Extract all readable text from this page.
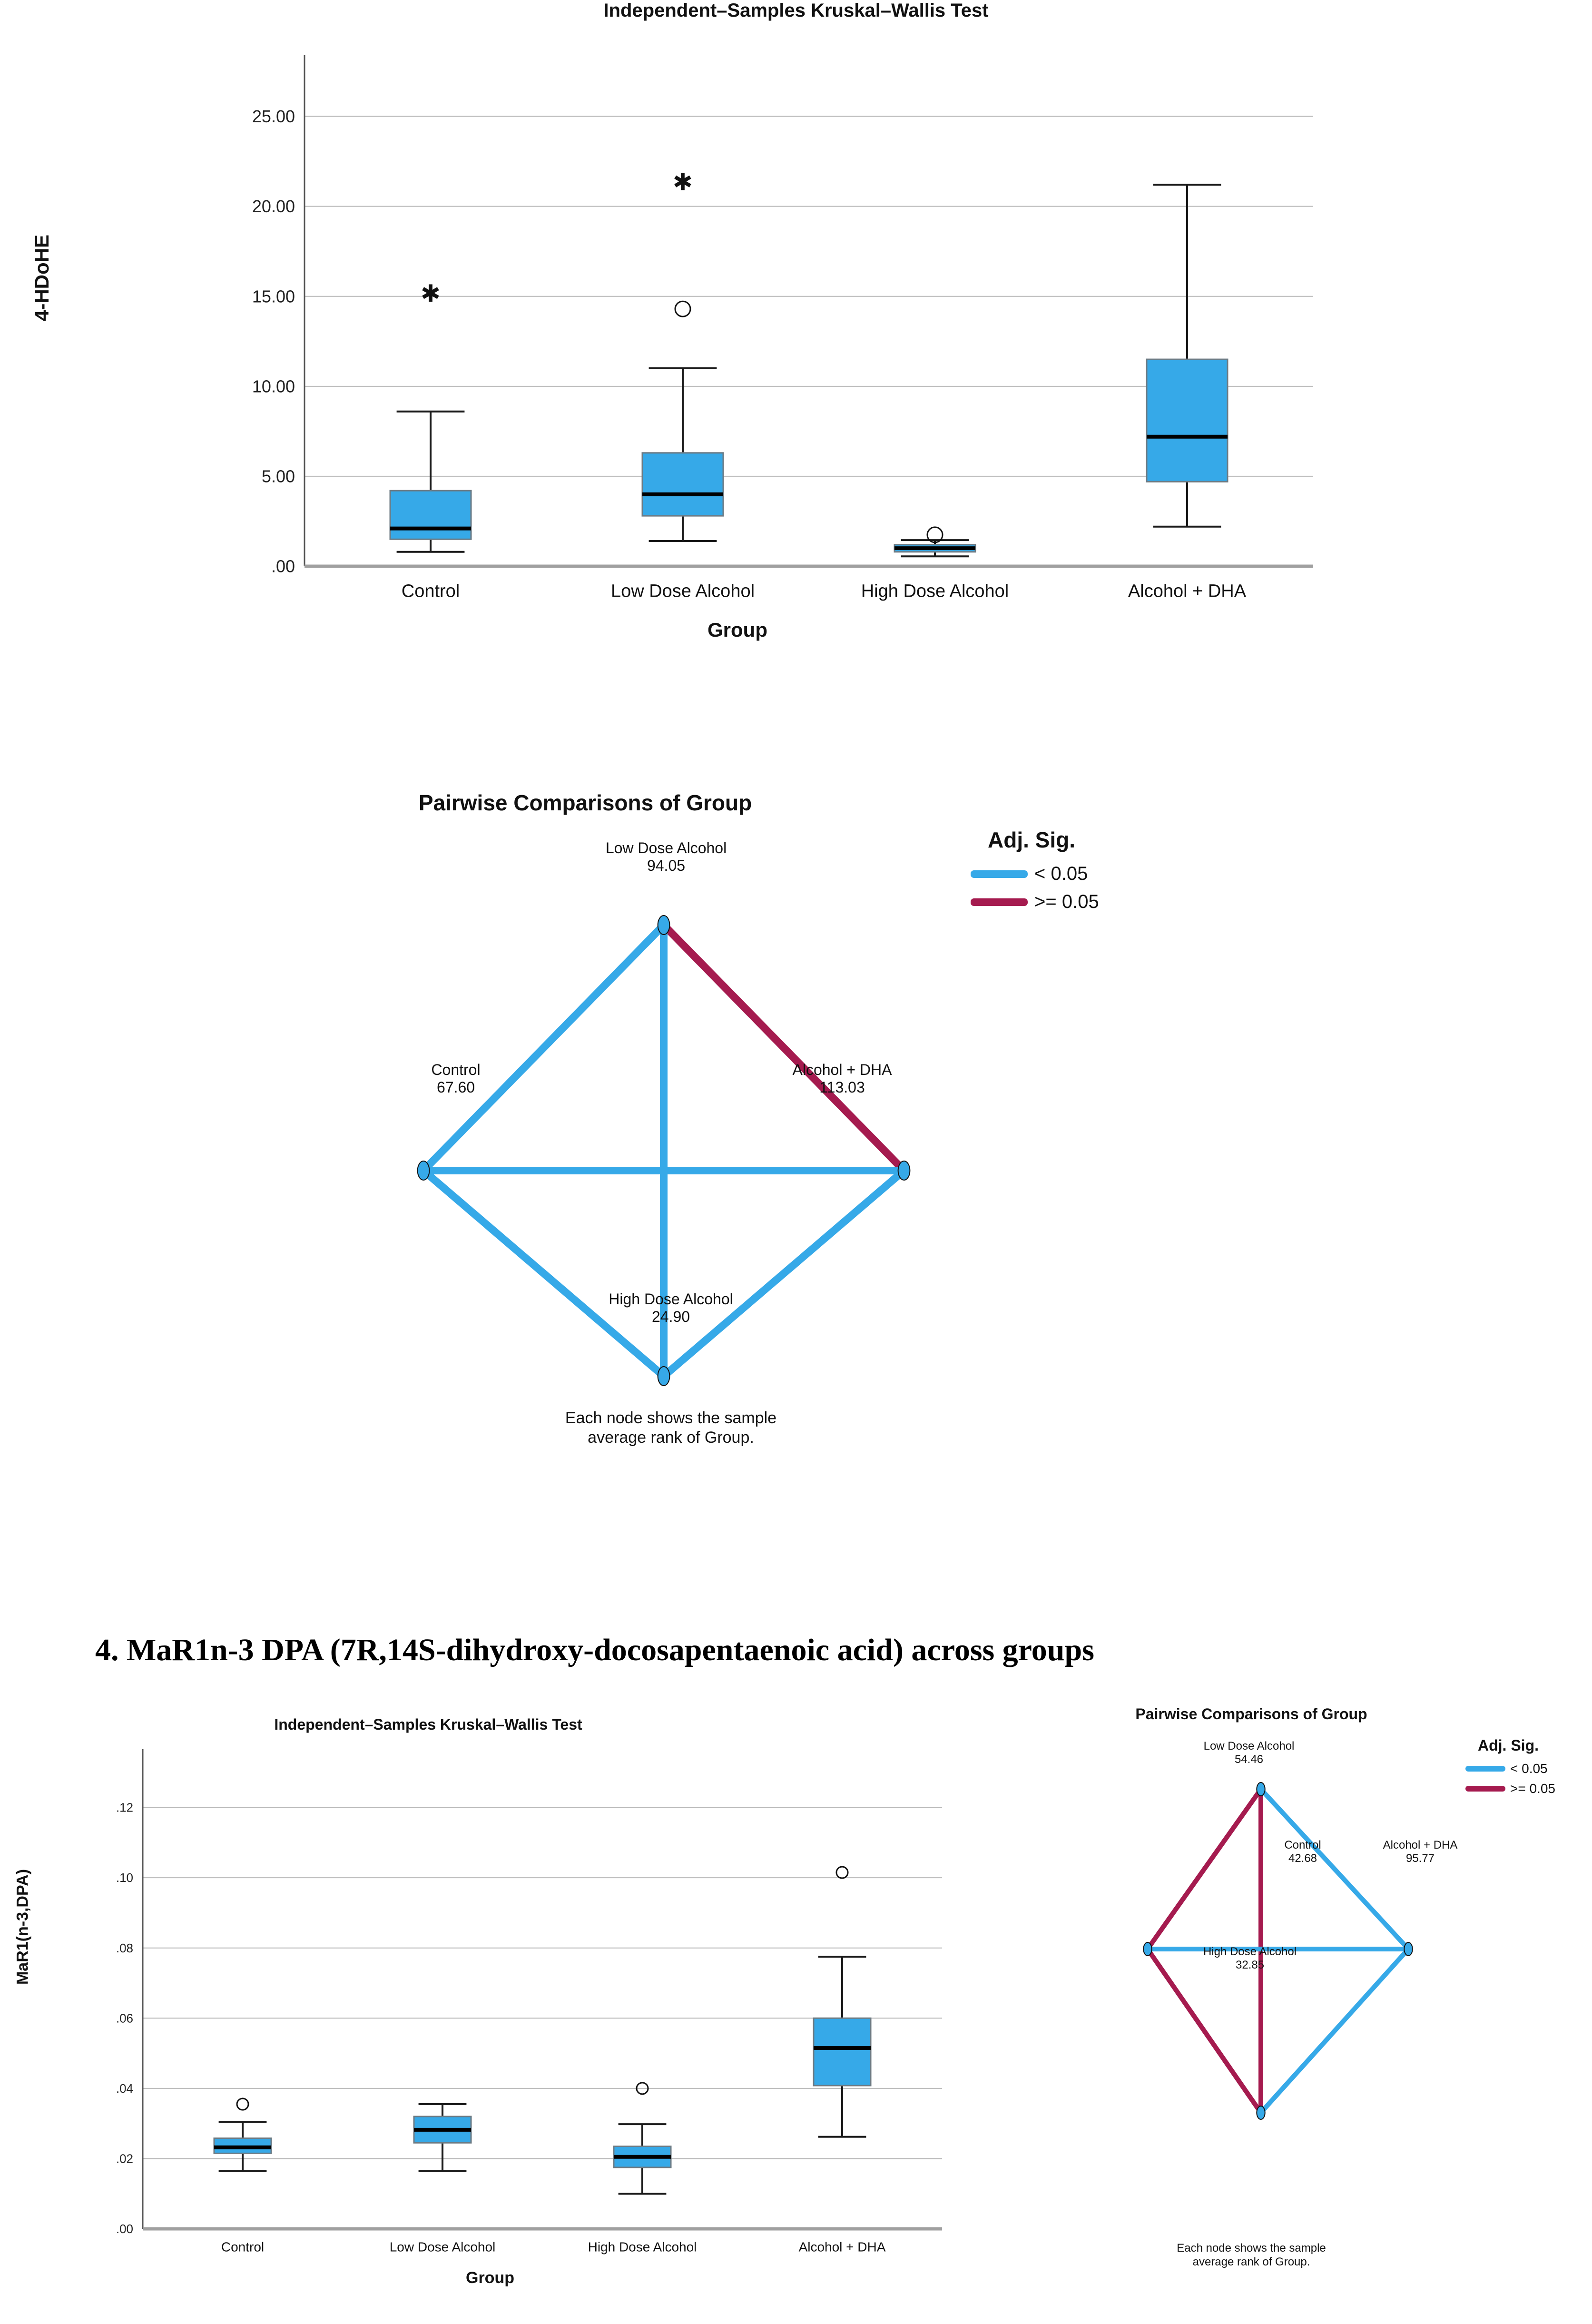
Independent–Samples Kruskal–Wallis Test
4-HDoHE
.00
5.00
10.00
15.00
20.00
25.00
✱
Control
✱
Low Dose Alcohol	High Dose Alcohol	Alcohol + DHA
Group
Pairwise Comparisons of Group
Low Dose Alcohol
94.05
Control
67.60
Alcohol + DHA
113.03
High Dose Alcohol
24.90
Adj. Sig.
< 0.05
>= 0.05
Each node shows the sample average rank of Group.
4. MaR1n-3 DPA (7R,14S-dihydroxy-docosapentaenoic acid) across groups
Independent–Samples Kruskal–Wallis Test
MaR1(n-3,DPA)
.00
.02
.04
.06
.08
.10
.12
Control	Low Dose Alcohol	High Dose Alcohol	Alcohol + DHA
Group
Pairwise Comparisons of Group
Low Dose Alcohol
54.46
Control
42.68
Alcohol + DHA
95.77
High Dose Alcohol
32.85
Adj. Sig.
< 0.05
>= 0.05
Each node shows the sample average rank of Group.
